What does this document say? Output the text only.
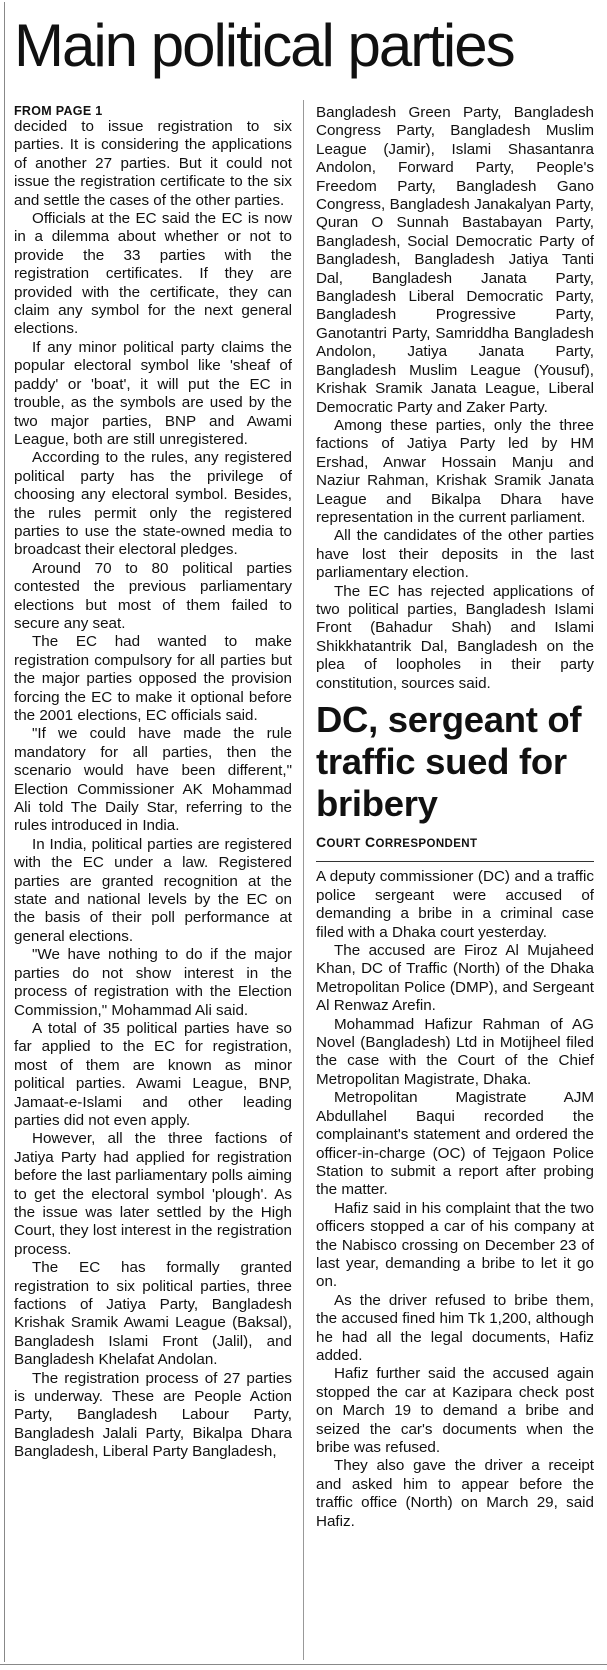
Main political parties
FROM PAGE 1

decided to issue registration to six parties. It is considering the applications of another 27 parties. But it could not issue the registration certificate to the six and settle the cases of the other parties.

Officials at the EC said the EC is now in a dilemma about whether or not to provide the 33 parties with the registration certificates. If they are provided with the certificate, they can claim any symbol for the next general elections.

If any minor political party claims the popular electoral symbol like 'sheaf of paddy' or 'boat', it will put the EC in trouble, as the symbols are used by the two major parties, BNP and Awami League, both are still unregistered.

According to the rules, any registered political party has the privilege of choosing any electoral symbol. Besides, the rules permit only the registered parties to use the state-owned media to broadcast their electoral pledges.

Around 70 to 80 political parties contested the previous parliamentary elections but most of them failed to secure any seat.

The EC had wanted to make registration compulsory for all parties but the major parties opposed the provision forcing the EC to make it optional before the 2001 elections, EC officials said.

"If we could have made the rule mandatory for all parties, then the scenario would have been different," Election Commissioner AK Mohammad Ali told The Daily Star, referring to the rules introduced in India.

In India, political parties are registered with the EC under a law. Registered parties are granted recognition at the state and national levels by the EC on the basis of their poll performance at general elections.

"We have nothing to do if the major parties do not show interest in the process of registration with the Election Commission," Mohammad Ali said.

A total of 35 political parties have so far applied to the EC for registration, most of them are known as minor political parties. Awami League, BNP, Jamaat-e-Islami and other leading parties did not even apply.

However, all the three factions of Jatiya Party had applied for registration before the last parliamentary polls aiming to get the electoral symbol 'plough'. As the issue was later settled by the High Court, they lost interest in the registration process.

The EC has formally granted registration to six political parties, three factions of Jatiya Party, Bangladesh Krishak Sramik Awami League (Baksal), Bangladesh Islami Front (Jalil), and Bangladesh Khelafat Andolan.

The registration process of 27 parties is underway. These are People Action Party, Bangladesh Labour Party, Bangladesh Jalali Party, Bikalpa Dhara Bangladesh, Liberal Party Bangladesh,

Bangladesh Green Party, Bangladesh Congress Party, Bangladesh Muslim League (Jamir), Islami Shasantanra Andolon, Forward Party, People's Freedom Party, Bangladesh Gano Congress, Bangladesh Janakalyan Party, Quran O Sunnah Bastabayan Party, Bangladesh, Social Democratic Party of Bangladesh, Bangladesh Jatiya Tanti Dal, Bangladesh Janata Party, Bangladesh Liberal Democratic Party, Bangladesh Progressive Party, Ganotantri Party, Samriddha Bangladesh Andolon, Jatiya Janata Party, Bangladesh Muslim League (Yousuf), Krishak Sramik Janata League, Liberal Democratic Party and Zaker Party.

Among these parties, only the three factions of Jatiya Party led by HM Ershad, Anwar Hossain Manju and Naziur Rahman, Krishak Sramik Janata League and Bikalpa Dhara have representation in the current parliament.

All the candidates of the other parties have lost their deposits in the last parliamentary election.

The EC has rejected applications of two political parties, Bangladesh Islami Front (Bahadur Shah) and Islami Shikkhatantrik Dal, Bangladesh on the plea of loopholes in their party constitution, sources said.

DC, sergeant of traffic sued for bribery
COURT CORRESPONDENT

A deputy commissioner (DC) and a traffic police sergeant were accused of demanding a bribe in a criminal case filed with a Dhaka court yesterday.

The accused are Firoz Al Mujaheed Khan, DC of Traffic (North) of the Dhaka Metropolitan Police (DMP), and Sergeant Al Renwaz Arefin.

Mohammad Hafizur Rahman of AG Novel (Bangladesh) Ltd in Motijheel filed the case with the Court of the Chief Metropolitan Magistrate, Dhaka.

Metropolitan Magistrate AJM Abdullahel Baqui recorded the complainant's statement and ordered the officer-in-charge (OC) of Tejgaon Police Station to submit a report after probing the matter.

Hafiz said in his complaint that the two officers stopped a car of his company at the Nabisco crossing on December 23 of last year, demanding a bribe to let it go on.

As the driver refused to bribe them, the accused fined him Tk 1,200, although he had all the legal documents, Hafiz added.

Hafiz further said the accused again stopped the car at Kazipara check post on March 19 to demand a bribe and seized the car's documents when the bribe was refused.

They also gave the driver a receipt and asked him to appear before the traffic office (North) on March 29, said Hafiz.
